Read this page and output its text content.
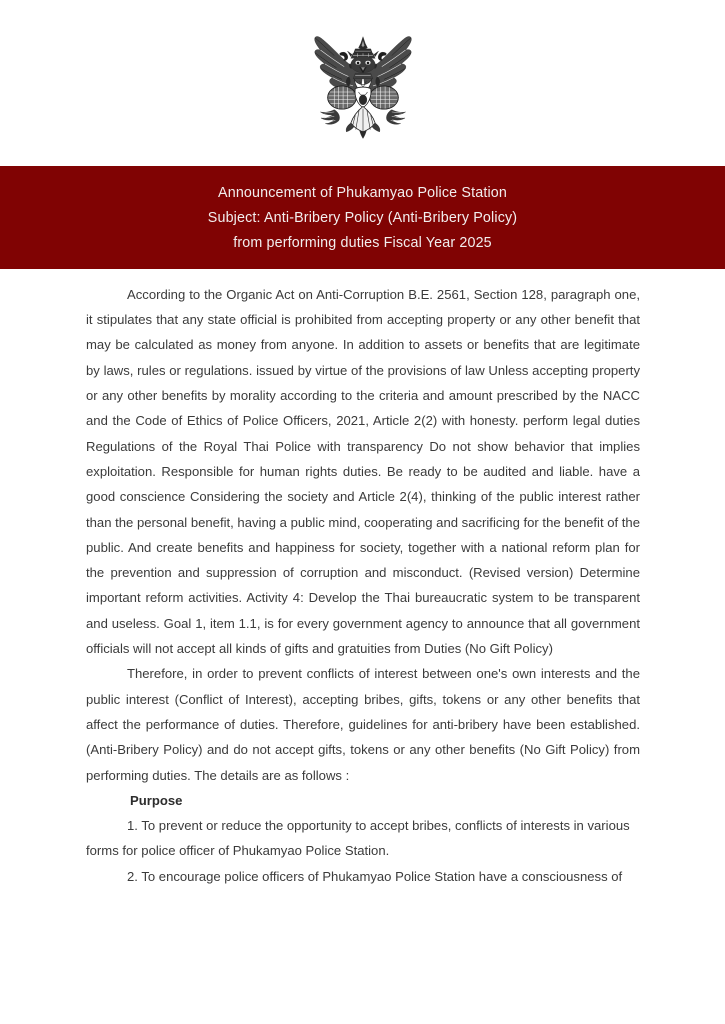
Announcement of Phukamyao Police Station
Subject: Anti-Bribery Policy (Anti-Bribery Policy)
from performing duties Fiscal Year 2025

According to the Organic Act on Anti-Corruption B.E. 2561, Section 128, paragraph one, it stipulates that any state official is prohibited from accepting property or any other benefit that may be calculated as money from anyone. In addition to assets or benefits that are legitimate by laws, rules or regulations. issued by virtue of the provisions of law Unless accepting property or any other benefits by morality according to the criteria and amount prescribed by the NACC and the Code of Ethics of Police Officers, 2021, Article 2(2) with honesty. perform legal duties Regulations of the Royal Thai Police with transparency Do not show behavior that implies exploitation. Responsible for human rights duties. Be ready to be audited and liable. have a good conscience Considering the society and Article 2(4), thinking of the public interest rather than the personal benefit, having a public mind, cooperating and sacrificing for the benefit of the public. And create benefits and happiness for society, together with a national reform plan for the prevention and suppression of corruption and misconduct. (Revised version) Determine important reform activities. Activity 4: Develop the Thai bureaucratic system to be transparent and useless. Goal 1, item 1.1, is for every government agency to announce that all government officials will not accept all kinds of gifts and gratuities from Duties (No Gift Policy)

Therefore, in order to prevent conflicts of interest between one's own interests and the public interest (Conflict of Interest), accepting bribes, gifts, tokens or any other benefits that affect the performance of duties. Therefore, guidelines for anti-bribery have been established. (Anti-Bribery Policy) and do not accept gifts, tokens or any other benefits (No Gift Policy) from performing duties. The details are as follows :

Purpose

1. To prevent or reduce the opportunity to accept bribes, conflicts of interests in various forms for police officer of Phukamyao Police Station.

2. To encourage police officers of Phukamyao Police Station have a consciousness of
